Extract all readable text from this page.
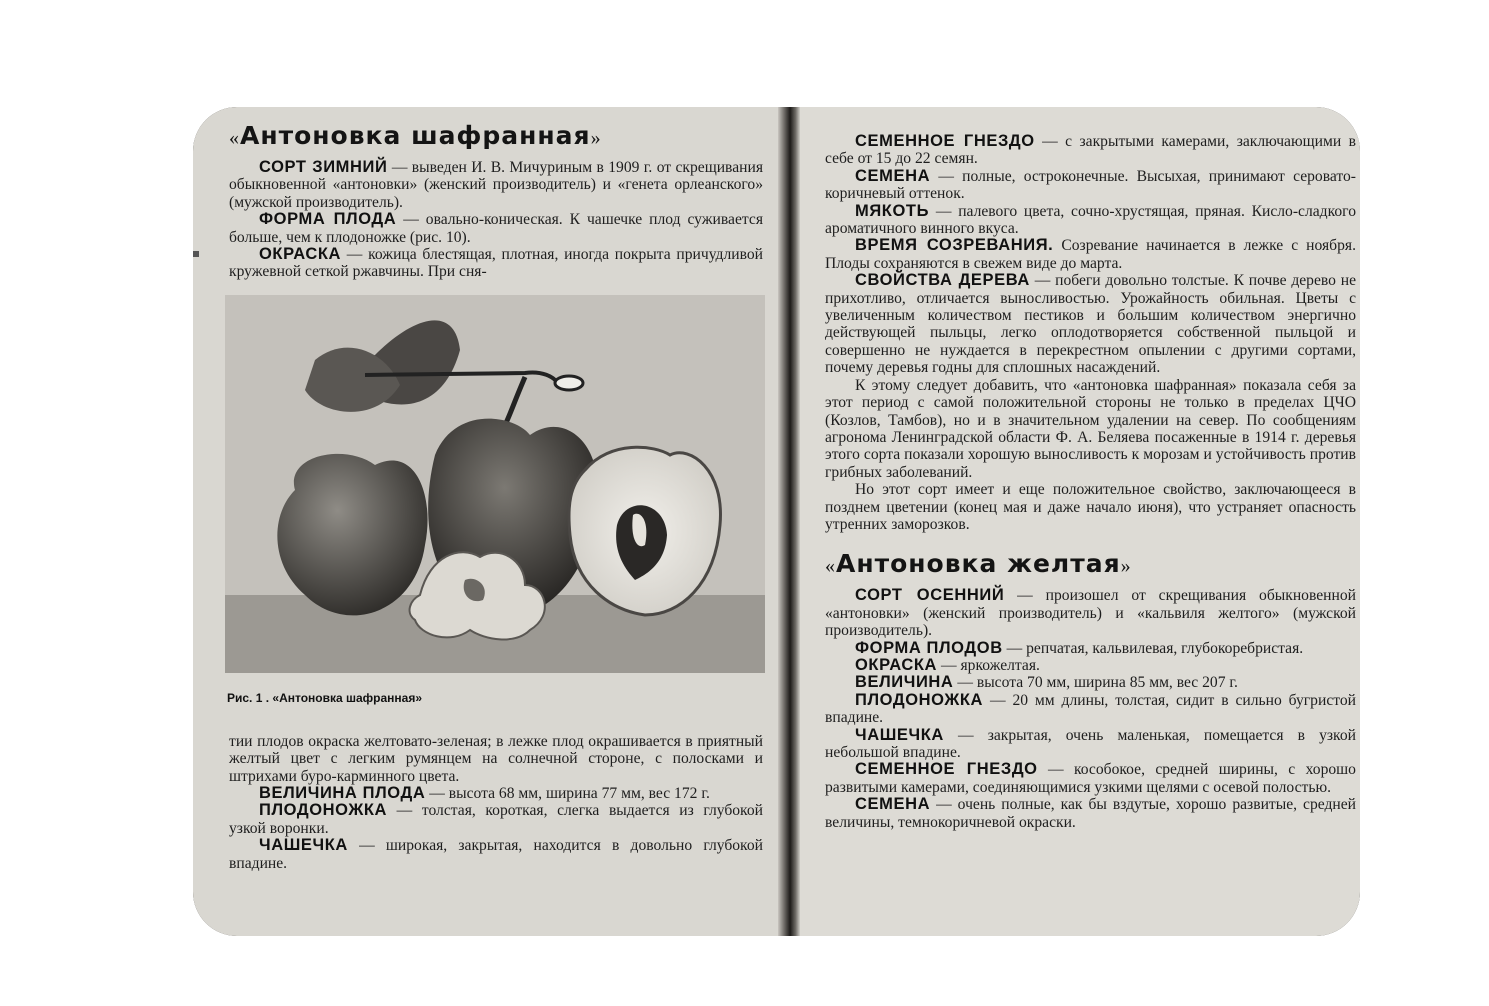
«Антоновка шафранная»

СОРТ ЗИМНИЙ — выведен И. В. Мичуриным в 1909 г. от скрещивания обыкновенной «антоновки» (женский производитель) и «генета орлеанского» (мужской производитель).

ФОРМА ПЛОДА — овально-коническая. К чашечке плод суживается больше, чем к плодоножке (рис. 10).

ОКРАСКА — кожица блестящая, плотная, иногда покрыта причудливой кружевной сеткой ржавчины. При сня-

Рис. 1 . «Антоновка шафранная»

тии плодов окраска желтовато-зеленая; в лежке плод окрашивается в приятный желтый цвет с легким румянцем на солнечной стороне, с полосками и штрихами буро-карминного цвета.

ВЕЛИЧИНА ПЛОДА — высота 68 мм, ширина 77 мм, вес 172 г.

ПЛОДОНОЖКА — толстая, короткая, слегка выдается из глубокой узкой воронки.

ЧАШЕЧКА — широкая, закрытая, находится в довольно глубокой впадине.

СЕМЕННОЕ ГНЕЗДО — с закрытыми камерами, заключающими в себе от 15 до 22 семян.

СЕМЕНА — полные, остроконечные. Высыхая, принимают серовато-коричневый оттенок.

МЯКОТЬ — палевого цвета, сочно-хрустящая, пряная. Кисло-сладкого ароматичного винного вкуса.

ВРЕМЯ СОЗРЕВАНИЯ. Созревание начинается в лежке с ноября. Плоды сохраняются в свежем виде до марта.

СВОЙСТВА ДЕРЕВА — побеги довольно толстые. К почве дерево не прихотливо, отличается выносливостью. Урожайность обильная. Цветы с увеличенным количеством пестиков и большим количеством энергично действующей пыльцы, легко оплодотворяется собственной пыльцой и совершенно не нуждается в перекрестном опылении с другими сортами, почему деревья годны для сплошных насаждений.

К этому следует добавить, что «антоновка шафранная» показала себя за этот период с самой положительной стороны не только в пределах ЦЧО (Козлов, Тамбов), но и в значительном удалении на север. По сообщениям агронома Ленинградской области Ф. А. Беляева посаженные в 1914 г. деревья этого сорта показали хорошую выносливость к морозам и устойчивость против грибных заболеваний.

Но этот сорт имеет и еще положительное свойство, заключающееся в позднем цветении (конец мая и даже начало июня), что устраняет опасность утренних заморозков.

«Антоновка желтая»

СОРТ ОСЕННИЙ — произошел от скрещивания обыкновенной «антоновки» (женский производитель) и «кальвиля желтого» (мужской производитель).

ФОРМА ПЛОДОВ — репчатая, кальвилевая, глубокоребристая.

ОКРАСКА — яркожелтая.

ВЕЛИЧИНА — высота 70 мм, ширина 85 мм, вес 207 г.

ПЛОДОНОЖКА — 20 мм длины, толстая, сидит в сильно бугристой впадине.

ЧАШЕЧКА — закрытая, очень маленькая, помещается в узкой небольшой впадине.

СЕМЕННОЕ ГНЕЗДО — кособокое, средней ширины, с хорошо развитыми камерами, соединяющимися узкими щелями с осевой полостью.

СЕМЕНА — очень полные, как бы вздутые, хорошо развитые, средней величины, темнокоричневой окраски.
